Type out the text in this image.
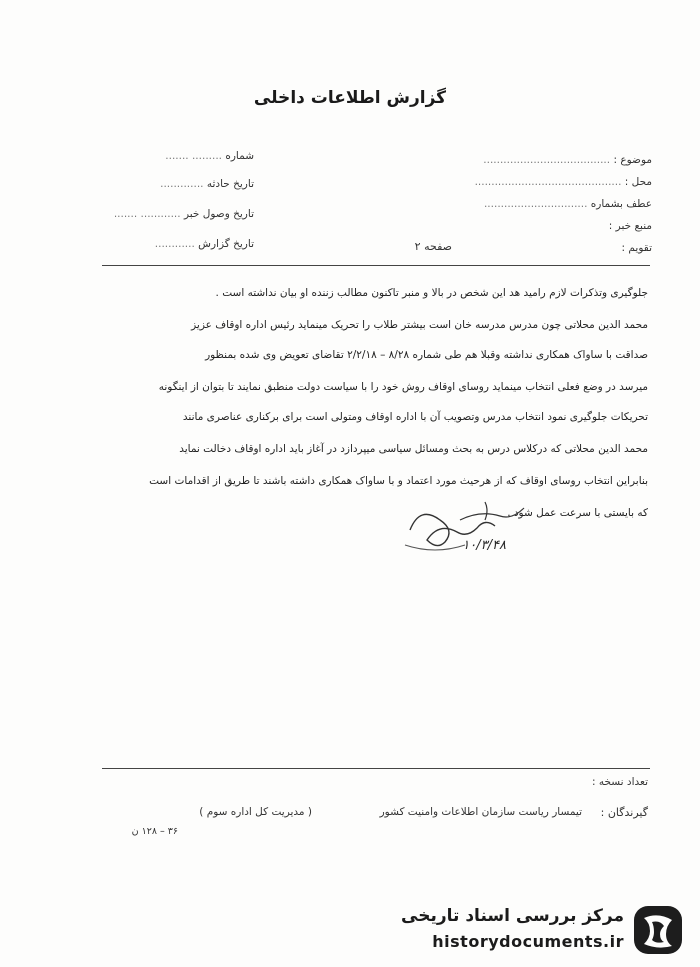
گزارش اطلاعات داخلی
موضوع : ......................................
محل : ............................................
عطف بشماره ...............................
منبع خبر :
تقویم :
شماره ......... .......
تاریخ حادثه .............
تاریخ وصول خبر ............ .......
تاریخ گزارش ............	صفحه ۲
جلوگیری وتذکرات لازم رامید هد این شخص در بالا و منبر تاکنون مطالب زننده او بیان نداشته است .
محمد الدین محلاتی چون مدرس مدرسه خان است بیشتر طلاب را تحریک مینماید رئیس اداره اوقاف عزیز
صداقت با ساواک همکاری نداشته وقبلا هم طی شماره ۸/۲۸ – ۲/۲/۱۸ تقاضای تعویض وی شده بمنظور
میرسد در وضع فعلی انتخاب مینماید روسای اوقاف روش خود را با سیاست دولت منطبق نمایند تا بتوان از اینگونه
تحریکات جلوگیری نمود انتخاب مدرس وتصویب آن با اداره اوقاف ومتولی است برای برکناری عناصری مانند
محمد الدین محلاتی که درکلاس درس به بحث ومسائل سیاسی میپردازد در آغاز باید اداره اوقاف دخالت نماید
بنابراین انتخاب روسای اوقاف که از هرحیث مورد اعتماد و با ساواک همکاری داشته باشند تا طریق از اقدامات است
که بایستی با سرعت عمل شود .
۱۰/۳/۴۸
تعداد نسخه :
گیرندگان :
تیمسار ریاست سازمان اطلاعات وامنیت کشور
( مدیریت کل اداره سوم )
۳۶ – ۱۲۸ ن
مرکز بررسی اسناد تاریخی
historydocuments.ir
